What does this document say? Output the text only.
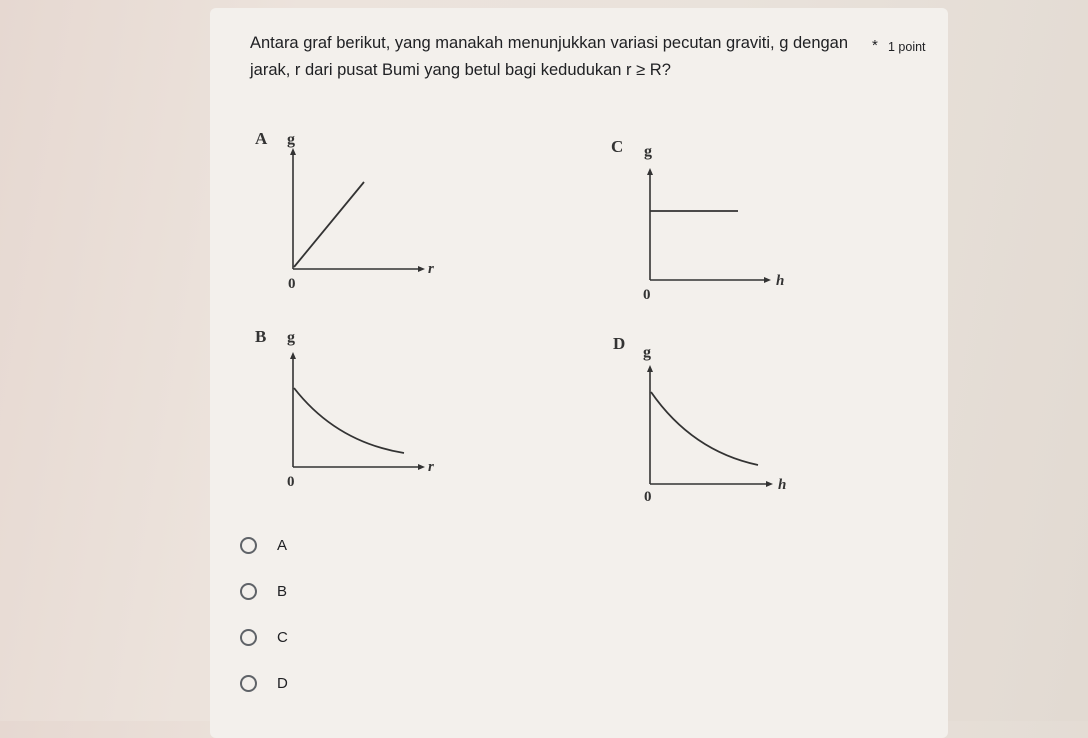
Antara graf berikut, yang manakah menunjukkan variasi pecutan graviti, g dengan jarak, r dari pusat Bumi yang betul bagi kedudukan r ≥ R?
* 1 point
A g
r
0
B g
r
0
C g
h
0
D g
h
0
A
B
C
D
